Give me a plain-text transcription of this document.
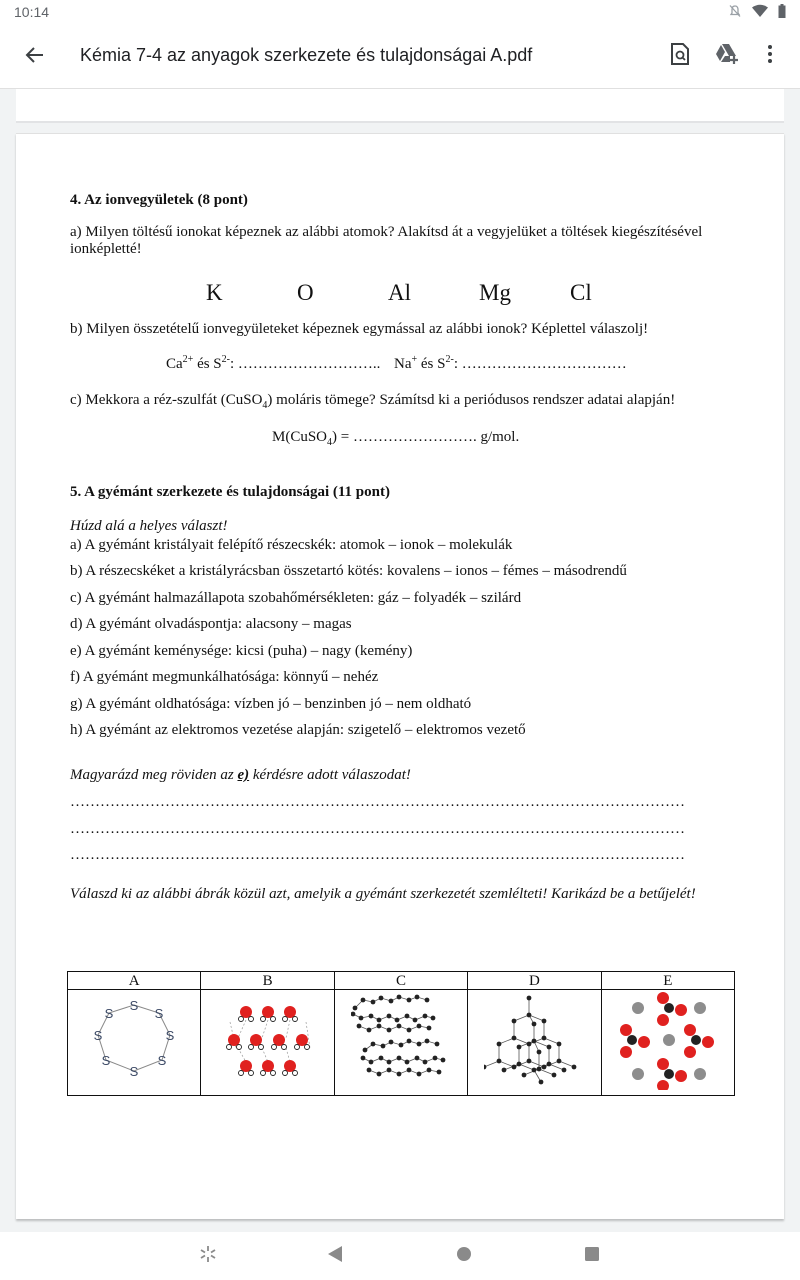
10:14
Kémia 7-4 az anyagok szerkezete és tulajdonságai A.pdf
4. Az ionvegyületek (8 pont)
a) Milyen töltésű ionokat képeznek az alábbi atomok? Alakítsd át a vegyjelüket a töltések kiegészítésével
ionképletté!
K	O	Al	Mg	Cl
b) Milyen összetételű ionvegyületeket képeznek egymással az alábbi ionok? Képlettel válaszolj!
$Ca^{2+}$ és $S^{2-}$: ……………………….. Na+ és $S^{2-}$: ……………………………
c) Mekkora a réz-szulfát (CuSO$_4$) moláris tömege? Számítsd ki a periódusos rendszer adatai alapján!
M(CuSO$_4$) = ……………………. g/mol.
5. A gyémánt szerkezete és tulajdonságai (11 pont)
Húzd alá a helyes választ!
a) A gyémánt kristályait felépítő részecskék: atomok – ionok – molekulák
b) A részecskéket a kristályrácsban összetartó kötés: kovalens – ionos – fémes – másodrendű
c) A gyémánt halmazállapota szobahőmérsékleten: gáz – folyadék – szilárd
d) A gyémánt olvadáspontja: alacsony – magas
e) A gyémánt keménysége: kicsi (puha) – nagy (kemény)
f) A gyémánt megmunkálhatósága: könnyű – nehéz
g) A gyémánt oldhatósága: vízben jó – benzinben jó – nem oldható
h) A gyémánt az elektromos vezetése alapján: szigetelő – elektromos vezető
Magyarázd meg röviden az e) kérdésre adott válaszodat!
……………………………………………………………………………………………………………
……………………………………………………………………………………………………………
……………………………………………………………………………………………………………
Válaszd ki az alábbi ábrák közül azt, amelyik a gyémánt szerkezetét szemlélteti! Karikázd be a betűjelét!
A	B	C	D	E

S
S
S
S
S
S
S
S
